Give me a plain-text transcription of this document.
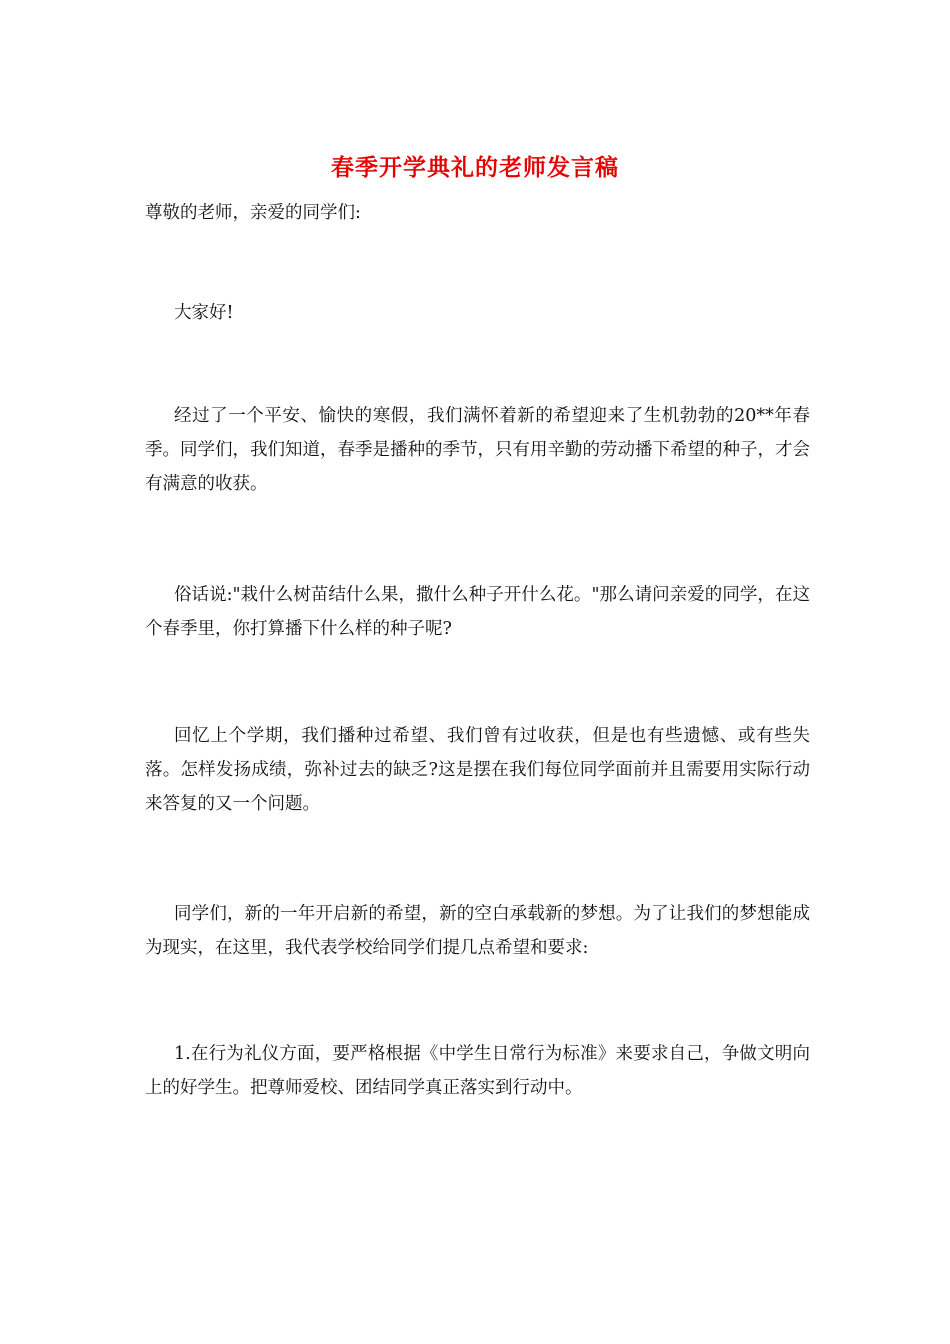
春季开学典礼的老师发言稿

尊敬的老师，亲爱的同学们:

大家好!

经过了一个平安、愉快的寒假，我们满怀着新的希望迎来了生机勃勃的20**年春季。同学们，我们知道，春季是播种的季节，只有用辛勤的劳动播下希望的种子，才会有满意的收获。

俗话说:"栽什么树苗结什么果，撒什么种子开什么花。"那么请问亲爱的同学，在这个春季里，你打算播下什么样的种子呢?

回忆上个学期，我们播种过希望、我们曾有过收获，但是也有些遗憾、或有些失落。怎样发扬成绩，弥补过去的缺乏?这是摆在我们每位同学面前并且需要用实际行动来答复的又一个问题。

同学们，新的一年开启新的希望，新的空白承载新的梦想。为了让我们的梦想能成为现实，在这里，我代表学校给同学们提几点希望和要求:

1.在行为礼仪方面，要严格根据《中学生日常行为标准》来要求自己，争做文明向上的好学生。把尊师爱校、团结同学真正落实到行动中。
